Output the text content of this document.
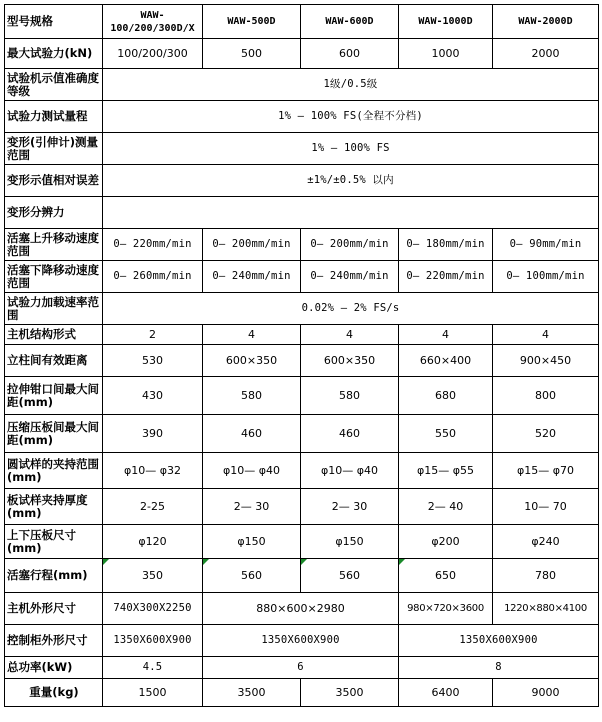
型号规格	WAW-100/200/300D/X	WAW-500D	WAW-600D	WAW-1000D	WAW-2000D
最大试验力(kN)	100/200/300	500	600	1000	2000
试验机示值准确度等级	1级/0.5级				
试验力测试量程	1% — 100% FS(全程不分档)				
变形(引伸计)测量范围	1% — 100% FS				
变形示值相对误差	±1%/±0.5% 以内				
变形分辨力					
活塞上升移动速度范围	0— 220mm/min	0— 200mm/min	0— 200mm/min	0— 180mm/min	0— 90mm/min
活塞下降移动速度范围	0— 260mm/min	0— 240mm/min	0— 240mm/min	0— 220mm/min	0— 100mm/min
试验力加载速率范围	0.02% — 2% FS/s				
主机结构形式	2	4	4	4	4
立柱间有效距离	530	600×350	600×350	660×400	900×450
拉伸钳口间最大间距(mm)	430	580	580	680	800
压缩压板间最大间距(mm)	390	460	460	550	520
圆试样的夹持范围(mm)	φ10— φ32	φ10— φ40	φ10— φ40	φ15— φ55	φ15— φ70
板试样夹持厚度(mm)	2-25	2— 30	2— 30	2— 40	10— 70
上下压板尺寸(mm)	φ120	φ150	φ150	φ200	φ240
活塞行程(mm)	350	560	560	650	780
主机外形尺寸	740X300X2250	880×600×2980		980×720×3600	1220×880×4100
控制柜外形尺寸	1350X600X900	1350X600X900		1350X600X900	
总功率(kW)	4.5	6		8	
重量(kg)	1500	3500	3500	6400	9000
